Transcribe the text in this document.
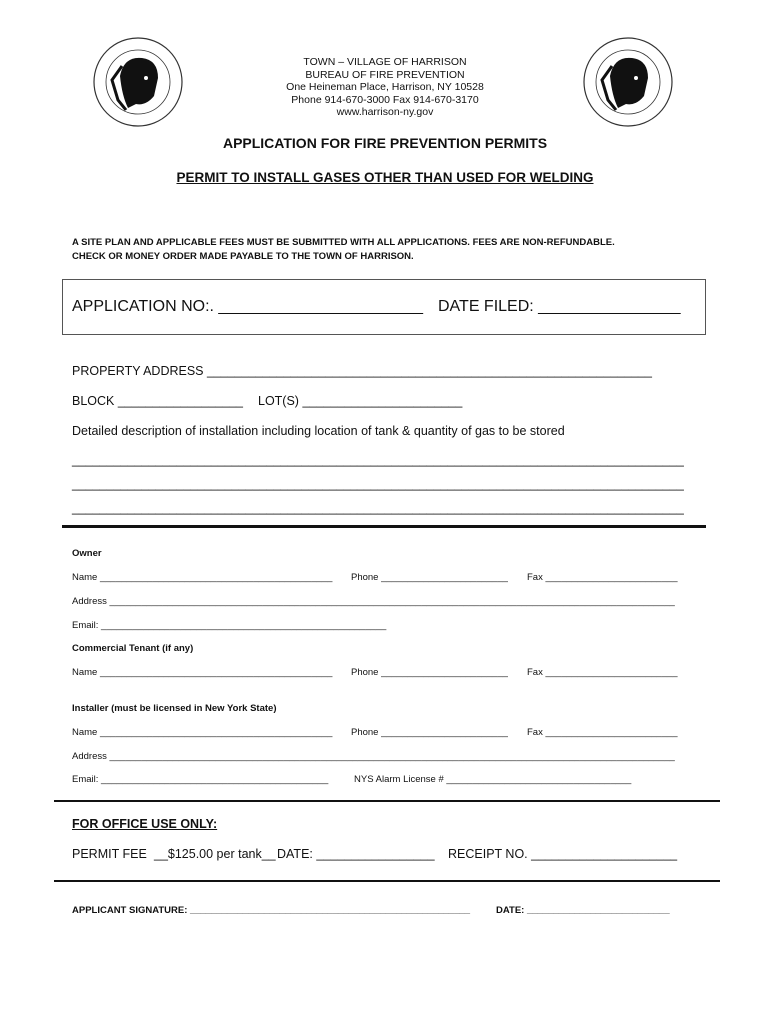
TOWN – VILLAGE OF HARRISON
BUREAU OF FIRE PREVENTION
One Heineman Place, Harrison, NY 10528
Phone 914-670-3000 Fax 914-670-3170
www.harrison-ny.gov
APPLICATION FOR FIRE PREVENTION PERMITS
PERMIT TO INSTALL GASES OTHER THAN USED FOR WELDING
A SITE PLAN AND APPLICABLE FEES MUST BE SUBMITTED WITH ALL APPLICATIONS. FEES ARE NON-REFUNDABLE.
CHECK OR MONEY ORDER MADE PAYABLE TO THE TOWN OF HARRISON.
APPLICATION NO:. _______________________ DATE FILED: ________________
PROPERTY ADDRESS ________________________________________________________________
BLOCK __________________ LOT(S) _______________________
Detailed description of installation including location of tank & quantity of gas to be stored
________________________________________________________________________________________
________________________________________________________________________________________
________________________________________________________________________________________
Owner
Name ____________________________________________ Phone ________________________ Fax _________________________
Address ___________________________________________________________________________________________________________
Email: ______________________________________________________
Commercial Tenant (if any)
Name ____________________________________________ Phone ________________________ Fax _________________________
Installer (must be licensed in New York State)
Name ____________________________________________ Phone ________________________ Fax _________________________
Address ___________________________________________________________________________________________________________
Email: ___________________________________________	NYS Alarm License # ___________________________________
FOR OFFICE USE ONLY:
PERMIT FEE __$125.00 per tank__ DATE: _________________ RECEIPT NO. _____________________
APPLICANT SIGNATURE: _____________________________________________________	DATE: ___________________________
